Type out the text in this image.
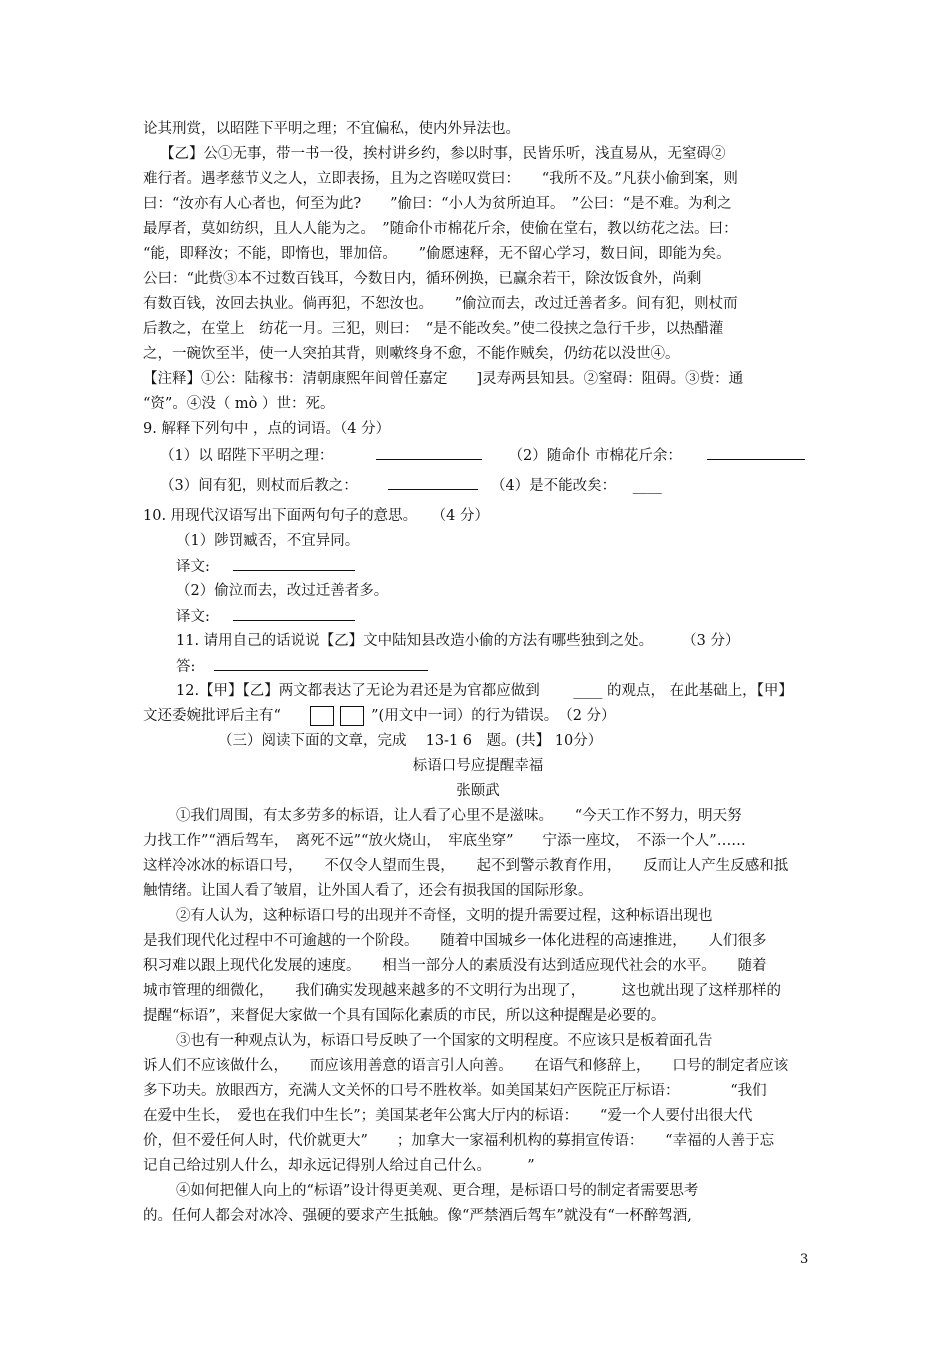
论其刑赏，以昭陛下平明之理；不宜偏私，使内外异法也。
【乙】公①无事，带一书一役，挨村讲乡约，参以时事，民皆乐听，浅直易从，无窒碍②
难行者。遇孝慈节义之人，立即表扬，且为之咨嗟叹赏曰：　　“我所不及。”凡获小偷到案，则
曰：“汝亦有人心者也，何至为此?　　”偷曰：“小人为贫所迫耳。　”公曰：“是不难。为利之
最厚者，莫如纺织，且人人能为之。　”随命仆市棉花斤余，使偷在堂右，教以纺花之法。曰：
“能，即释汝；不能，即惰也，罪加倍。　　”偷愿速释，无不留心学习，数日间，即能为矣。
公曰：“此赀③本不过数百钱耳，今数日内，循环例换，已赢余若干，除汝饭食外，尚剩
有数百钱，汝回去执业。倘再犯，不恕汝也。　　”偷泣而去，改过迁善者多。间有犯，则杖而
后教之，在堂上　纺花一月。三犯，则曰：　“是不能改矣。”使二役挟之急行千步，以热醋灌
之，一碗饮至半，使一人突拍其背，则嗽终身不愈，不能作贼矣，仍纺花以没世④。
【注释】①公：陆稼书：清朝康熙年间曾任嘉定　　]灵寿两县知县。②窒碍：阻碍。③赀：通
“资”。④没（ mò ）世：死。
9. 解释下列句中 ，点的词语。（4 分）
（1）以 昭陛下平明之理：	（2）随命仆 市棉花斤余：
（3）间有犯，则杖而后教之：	（4）是不能改矣： ____
10. 用现代汉语写出下面两句句子的意思。　　（4 分）
（1）陟罚臧否，不宜异同。
译文:
（2）偷泣而去，改过迁善者多。
译文:
11. 请用自己的话说说【乙】文中陆知县改造小偷的方法有哪些独到之处。　　　（3 分）
答:
12.【甲】【乙】两文都表达了无论为君还是为官都应做到　　 ____ 的观点， 在此基础上，【甲】
文还委婉批评后主有“	”(用文中一词）的行为错误。　（2 分）
（三）阅读下面的文章，完成　 13-1 6　题。(共】 10分）
标语口号应提醒幸福
张颐武
①我们周围，有太多劳多的标语，让人看了心里不是滋味。　　“今天工作不努力，明天努
力找工作”“酒后驾车，　离死不远”“放火烧山，　牢底坐穿”　　宁添一座坟，　不添一个人”……
这样冷冰冰的标语口号，　　不仅令人望而生畏，　　起不到警示教育作用，　　反而让人产生反感和抵
触情绪。让国人看了皱眉，让外国人看了，还会有损我国的国际形象。
②有人认为，这种标语口号的出现并不奇怪，文明的提升需要过程，这种标语出现也
是我们现代化过程中不可逾越的一个阶段。　　随着中国城乡一体化进程的高速推进，　　人们很多
积习难以跟上现代化发展的速度。　　相当一部分人的素质没有达到适应现代社会的水平。　　随着
城市管理的细微化，　　我们确实发现越来越多的不文明行为出现了，　　　这也就出现了这样那样的
提醒“标语”，来督促大家做一个具有国际化素质的市民，所以这种提醒是必要的。
③也有一种观点认为，标语口号反映了一个国家的文明程度。不应该只是板着面孔告
诉人们不应该做什么，　　而应该用善意的语言引人向善。　　在语气和修辞上，　　口号的制定者应该
多下功夫。放眼西方，充满人文关怀的口号不胜枚举。如美国某妇产医院正厅标语：　　　　“我们
在爱中生长，　爱也在我们中生长”；美国某老年公寓大厅内的标语：　　“爱一个人要付出很大代
价，但不爱任何人时，代价就更大”　　；加拿大一家福利机构的募捐宣传语：　　“幸福的人善于忘
记自己给过别人什么，却永远记得别人给过自己什么。　　　”
④如何把催人向上的“标语”设计得更美观、更合理，是标语口号的制定者需要思考
的。任何人都会对冰冷、强硬的要求产生抵触。像“严禁酒后驾车”就没有“一杯醉驾酒,
3
